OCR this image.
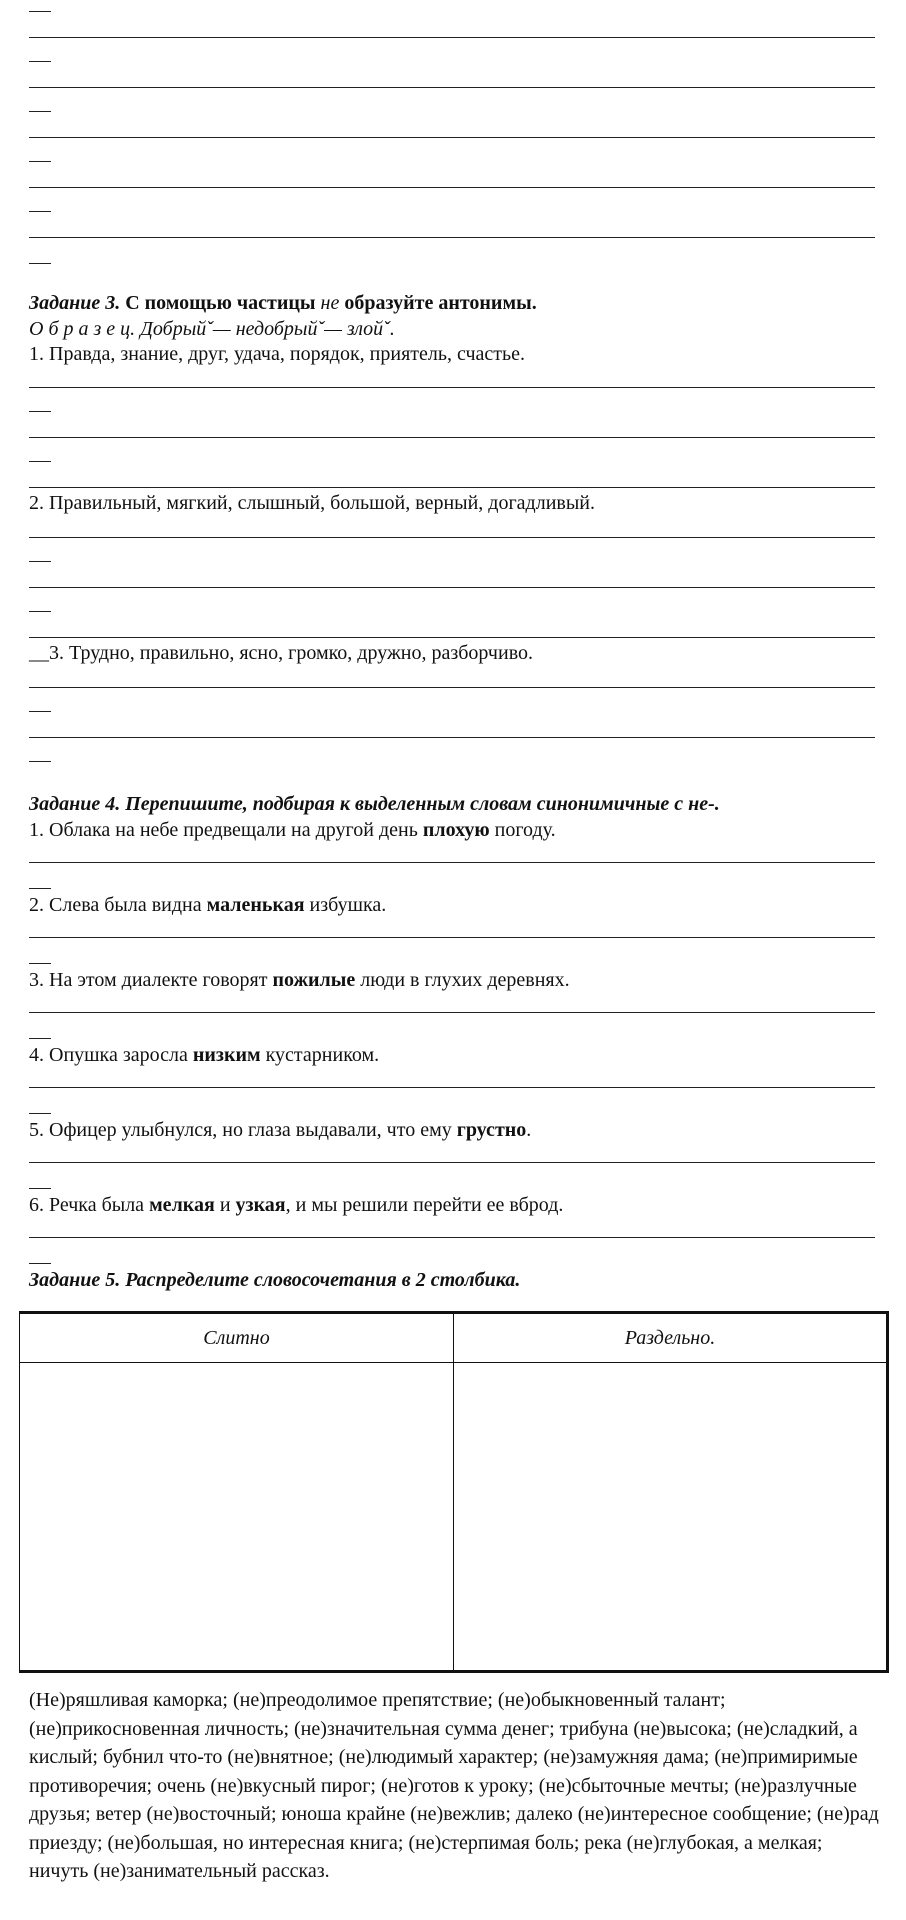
Задание 3. С помощью частицы не образуйте антонимы.
О б р а з е ц. Добрыйˇ— недобрыйˇ— злойˇ.
1. Правда, знание, друг, удача, порядок, приятель, счастье.
2. Правильный, мягкий, слышный, большой, верный, догадливый.
__3. Трудно, правильно, ясно, громко, дружно, разборчиво.
Задание 4. Перепишите, подбирая к выделенным словам синонимичные с не-.
1. Облака на небе предвещали на другой день плохую погоду.
2. Слева была видна маленькая избушка.
3. На этом диалекте говорят пожилые люди в глухих деревнях.
4. Опушка заросла низким кустарником.
5. Офицер улыбнулся, но глаза выдавали, что ему грустно.
6. Речка была мелкая и узкая, и мы решили перейти ее вброд.
Задание 5. Распределите словосочетания в 2 столбика.
Слитно	Раздельно.

(Не)ряшливая каморка; (не)преодолимое препятствие; (не)обыкновенный талант; (не)прикосновенная личность; (не)значительная сумма денег; трибуна (не)высока; (не)сладкий, а кислый; бубнил что-то (не)внятное; (не)людимый характер; (не)замужняя дама; (не)примиримые противоречия; очень (не)вкусный пирог; (не)готов к уроку; (не)сбыточные мечты; (не)разлучные друзья; ветер (не)восточный; юноша крайне (не)вежлив; далеко (не)интересное сообщение; (не)рад приезду; (не)большая, но интересная книга; (не)стерпимая боль; река (не)глубокая, а мелкая; ничуть (не)занимательный рассказ.
